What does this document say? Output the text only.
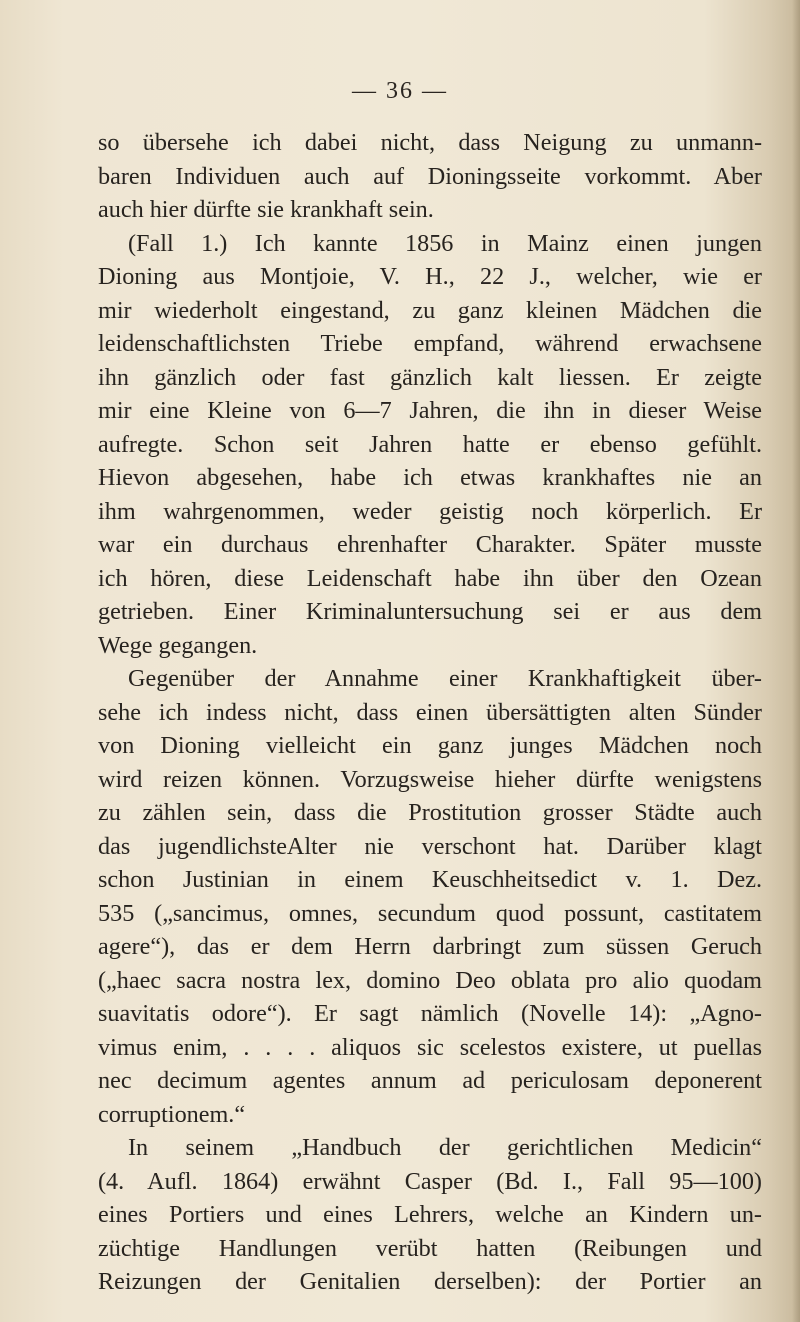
— 36 —
so übersehe ich dabei nicht, dass Neigung zu unmann-
baren Individuen auch auf Dioningsseite vorkommt. Aber
auch hier dürfte sie krankhaft sein.
(Fall 1.) Ich kannte 1856 in Mainz einen jungen
Dioning aus Montjoie, V. H., 22 J., welcher, wie er
mir wiederholt eingestand, zu ganz kleinen Mädchen die
leidenschaftlichsten Triebe empfand, während erwachsene
ihn gänzlich oder fast gänzlich kalt liessen. Er zeigte
mir eine Kleine von 6—7 Jahren, die ihn in dieser Weise
aufregte. Schon seit Jahren hatte er ebenso gefühlt.
Hievon abgesehen, habe ich etwas krankhaftes nie an
ihm wahrgenommen, weder geistig noch körperlich. Er
war ein durchaus ehrenhafter Charakter. Später musste
ich hören, diese Leidenschaft habe ihn über den Ozean
getrieben. Einer Kriminaluntersuchung sei er aus dem
Wege gegangen.
Gegenüber der Annahme einer Krankhaftigkeit über-
sehe ich indess nicht, dass einen übersättigten alten Sünder
von Dioning vielleicht ein ganz junges Mädchen noch
wird reizen können. Vorzugsweise hieher dürfte wenigstens
zu zählen sein, dass die Prostitution grosser Städte auch
das jugendlichsteAlter nie verschont hat. Darüber klagt
schon Justinian in einem Keuschheitsedict v. 1. Dez.
535 („sancimus, omnes, secundum quod possunt, castitatem
agere“), das er dem Herrn darbringt zum süssen Geruch
(„haec sacra nostra lex, domino Deo oblata pro alio quodam
suavitatis odore“). Er sagt nämlich (Novelle 14): „Agno-
vimus enim, . . . . aliquos sic scelestos existere, ut puellas
nec decimum agentes annum ad periculosam deponerent
corruptionem.“
In seinem „Handbuch der gerichtlichen Medicin“
(4. Aufl. 1864) erwähnt Casper (Bd. I., Fall 95—100)
eines Portiers und eines Lehrers, welche an Kindern un-
züchtige Handlungen verübt hatten (Reibungen und
Reizungen der Genitalien derselben): der Portier an
